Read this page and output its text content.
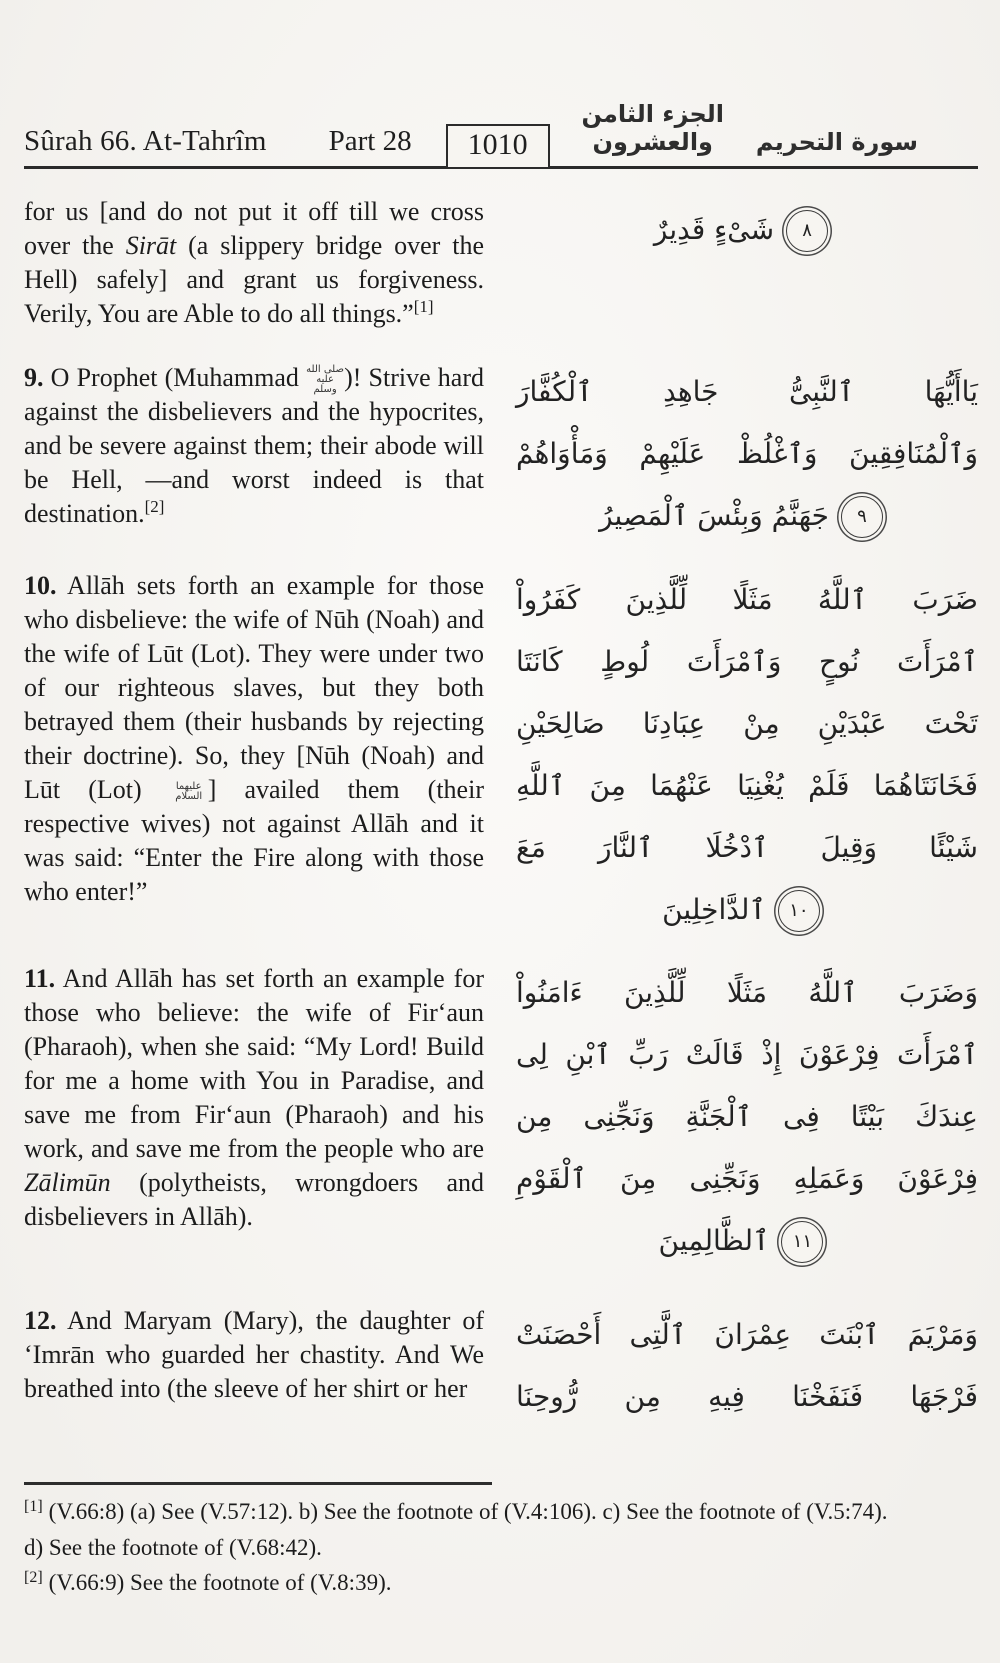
Sûrah 66. At-Tahrîm Part 28	1010
الجزء الثامن والعشرون	سورة التحريم

for us [and do not put it off till we cross over the Sirāt (a slippery bridge over the Hell) safely] and grant us forgiveness. Verily, You are Able to do all things.”[1]

٨شَىْءٍ قَدِيرٌ

9. O Prophet (Muhammad صلى الله عليه وسلم )! Strive hard against the disbelievers and the hypocrites, and be severe against them; their abode will be Hell, —and worst indeed is that destination.[2]

يَاأَيُّهَا ٱلنَّبِىُّ جَاهِدِ ٱلْكُفَّارَ
وَٱلْمُنَافِقِينَ وَٱغْلُظْ عَلَيْهِمْ وَمَأْوَاهُمْ
٩جَهَنَّمُ وَبِئْسَ ٱلْمَصِيرُ

10. Allāh sets forth an example for those who disbelieve: the wife of Nūh (Noah) and the wife of Lūt (Lot). They were under two of our righteous slaves, but they both betrayed them (their husbands by rejecting their doctrine). So, they [Nūh (Noah) and Lūt (Lot) عليهما السلام ] availed them (their respective wives) not against Allāh and it was said: “Enter the Fire along with those who enter!”

ضَرَبَ ٱللَّهُ مَثَلًا لِّلَّذِينَ كَفَرُواْ
ٱمْرَأَتَ نُوحٍ وَٱمْرَأَتَ لُوطٍ كَانَتَا
تَحْتَ عَبْدَيْنِ مِنْ عِبَادِنَا صَالِحَيْنِ
فَخَانَتَاهُمَا فَلَمْ يُغْنِيَا عَنْهُمَا مِنَ ٱللَّهِ
شَيْئًا وَقِيلَ ٱدْخُلَا ٱلنَّارَ مَعَ
١٠ٱلدَّاخِلِينَ

11. And Allāh has set forth an example for those who believe: the wife of Fir‘aun (Pharaoh), when she said: “My Lord! Build for me a home with You in Paradise, and save me from Fir‘aun (Pharaoh) and his work, and save me from the people who are Zālimūn (polytheists, wrongdoers and disbelievers in Allāh).

وَضَرَبَ ٱللَّهُ مَثَلًا لِّلَّذِينَ ءَامَنُواْ
ٱمْرَأَتَ فِرْعَوْنَ إِذْ قَالَتْ رَبِّ ٱبْنِ لِى
عِندَكَ بَيْتًا فِى ٱلْجَنَّةِ وَنَجِّنِى مِن
فِرْعَوْنَ وَعَمَلِهِ وَنَجِّنِى مِنَ ٱلْقَوْمِ
١١ٱلظَّالِمِينَ

12. And Maryam (Mary), the daughter of ‘Imrān who guarded her chastity. And We breathed into (the sleeve of her shirt or her

وَمَرْيَمَ ٱبْنَتَ عِمْرَانَ ٱلَّتِى أَحْصَنَتْ
فَرْجَهَا فَنَفَخْنَا فِيهِ مِن رُّوحِنَا

[1] (V.66:8) (a) See (V.57:12). b) See the footnote of (V.4:106). c) See the footnote of (V.5:74). d) See the footnote of (V.68:42).

[2] (V.66:9) See the footnote of (V.8:39).
